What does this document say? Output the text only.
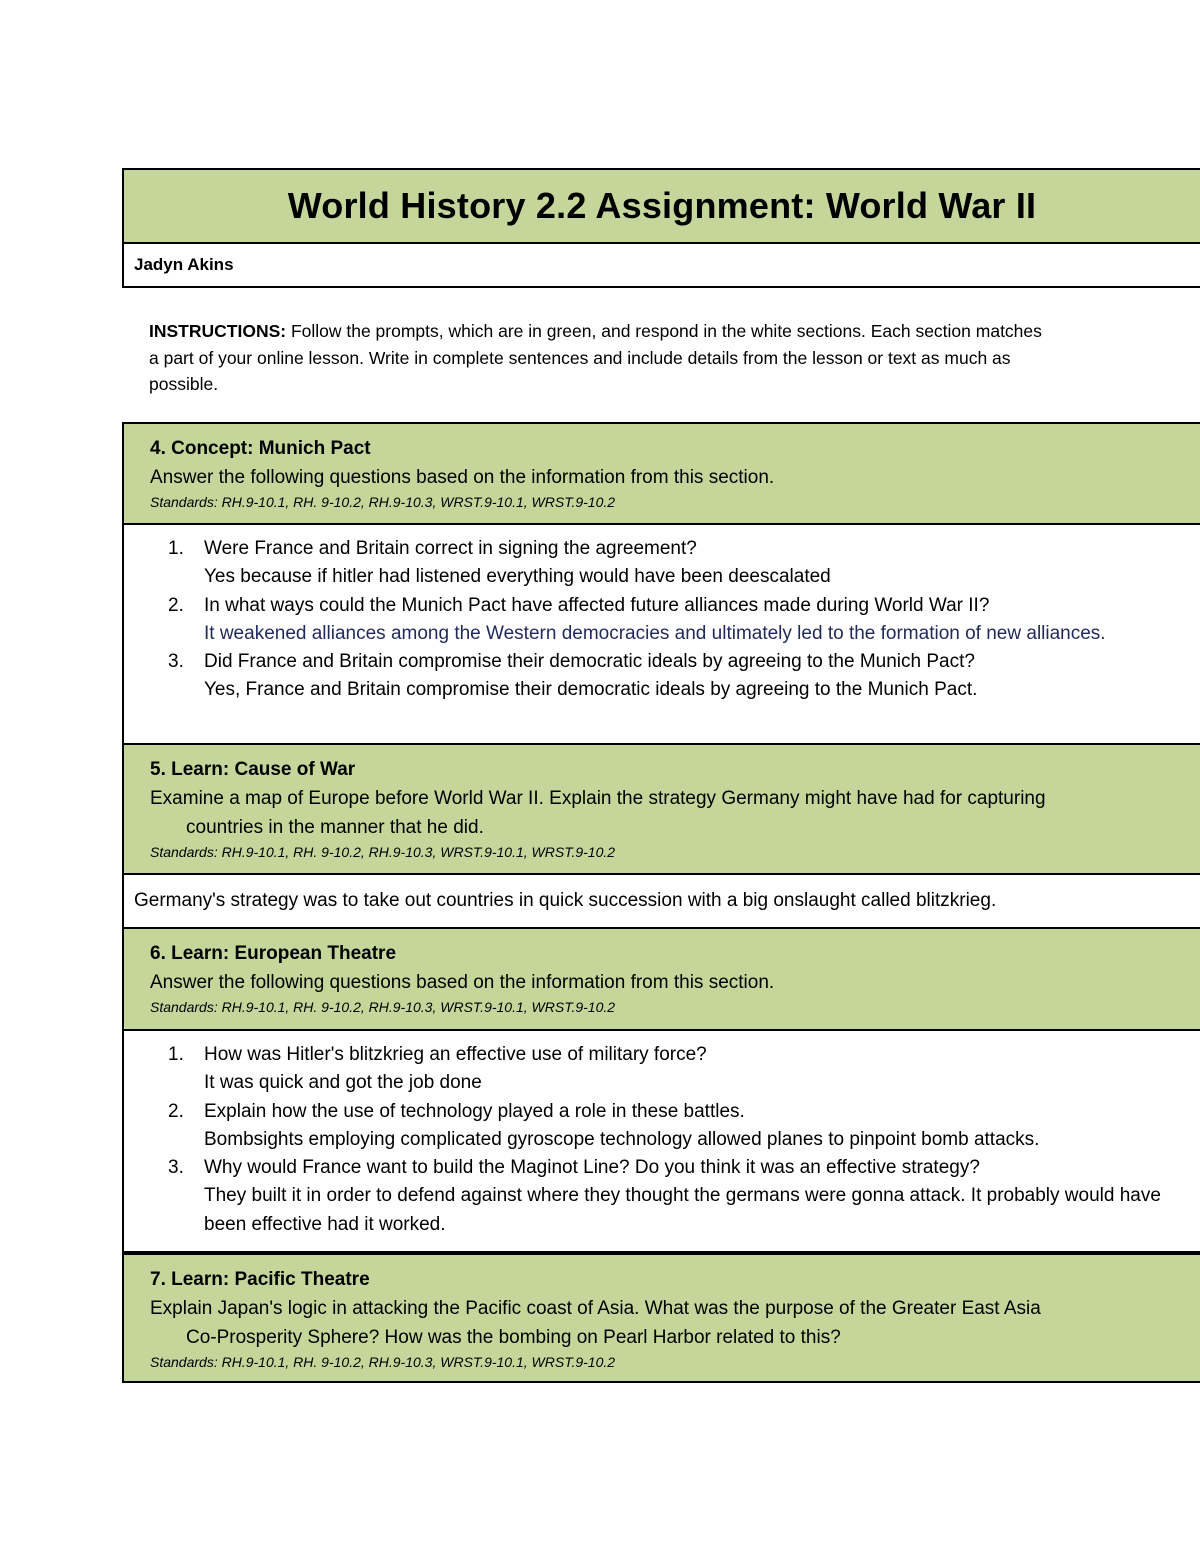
World History 2.2 Assignment: World War II
Jadyn Akins
INSTRUCTIONS: Follow the prompts, which are in green, and respond in the white sections. Each section matches a part of your online lesson. Write in complete sentences and include details from the lesson or text as much as possible.
4. Concept: Munich Pact
Answer the following questions based on the information from this section.
Standards: RH.9-10.1, RH. 9-10.2, RH.9-10.3, WRST.9-10.1, WRST.9-10.2
1.	Were France and Britain correct in signing the agreement?
Yes because if hitler had listened everything would have been deescalated
2.	In what ways could the Munich Pact have affected future alliances made during World War II?
It weakened alliances among the Western democracies and ultimately led to the formation of new alliances.
3.	Did France and Britain compromise their democratic ideals by agreeing to the Munich Pact?
Yes, France and Britain compromise their democratic ideals by agreeing to the Munich Pact.
5. Learn: Cause of War
Examine a map of Europe before World War II. Explain the strategy Germany might have had for capturing
countries in the manner that he did.
Standards: RH.9-10.1, RH. 9-10.2, RH.9-10.3, WRST.9-10.1, WRST.9-10.2
Germany's strategy was to take out countries in quick succession with a big onslaught called blitzkrieg.
6. Learn: European Theatre
Answer the following questions based on the information from this section.
Standards: RH.9-10.1, RH. 9-10.2, RH.9-10.3, WRST.9-10.1, WRST.9-10.2
1.	How was Hitler's blitzkrieg an effective use of military force?
It was quick and got the job done
2.	Explain how the use of technology played a role in these battles.
Bombsights employing complicated gyroscope technology allowed planes to pinpoint bomb attacks.
3.	Why would France want to build the Maginot Line? Do you think it was an effective strategy?
They built it in order to defend against where they thought the germans were gonna attack. It probably would have been effective had it worked.
7. Learn: Pacific Theatre
Explain Japan's logic in attacking the Pacific coast of Asia. What was the purpose of the Greater East Asia
Co-Prosperity Sphere? How was the bombing on Pearl Harbor related to this?
Standards: RH.9-10.1, RH. 9-10.2, RH.9-10.3, WRST.9-10.1, WRST.9-10.2
